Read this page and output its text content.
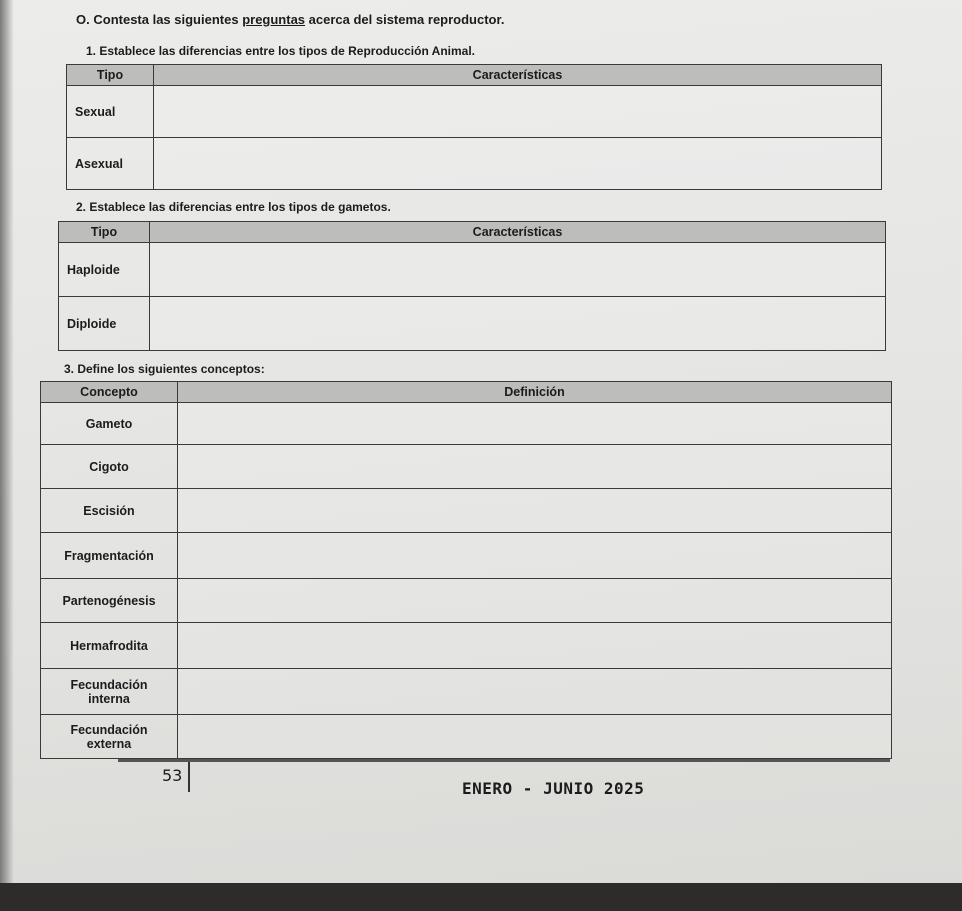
O. Contesta las siguientes preguntas acerca del sistema reproductor.
1. Establece las diferencias entre los tipos de Reproducción Animal.
Tipo	Características
Sexual	
Asexual	
2. Establece las diferencias entre los tipos de gametos.
Tipo	Características
Haploide	
Diploide	
3. Define los siguientes conceptos:
Concepto	Definición
Gameto	
Cigoto	
Escisión	
Fragmentación	
Partenogénesis	
Hermafrodita	
Fecundación interna	
Fecundación externa	
53
ENERO - JUNIO 2025
